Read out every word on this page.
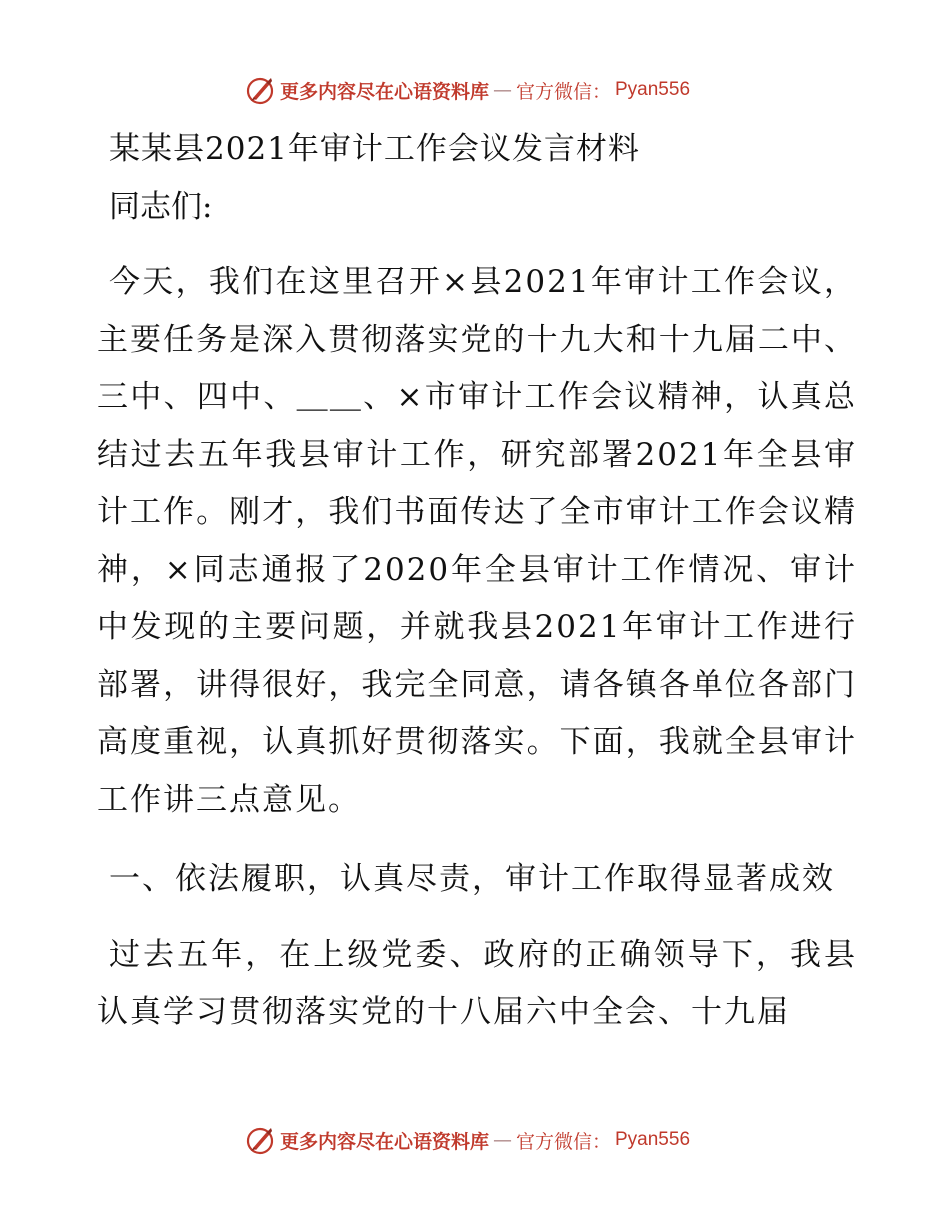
更多内容尽在心语资料库 — 官方微信： Pyan556
某某县2021年审计工作会议发言材料

同志们:

今天，我们在这里召开×县2021年审计工作会议，主要任务是深入贯彻落实党的十九大和十九届二中、三中、四中、＿＿、×市审计工作会议精神，认真总结过去五年我县审计工作，研究部署2021年全县审计工作。刚才，我们书面传达了全市审计工作会议精神，×同志通报了2020年全县审计工作情况、审计中发现的主要问题，并就我县2021年审计工作进行部署，讲得很好，我完全同意，请各镇各单位各部门高度重视，认真抓好贯彻落实。下面，我就全县审计工作讲三点意见。

一、依法履职，认真尽责，审计工作取得显著成效

过去五年，在上级党委、政府的正确领导下，我县认真学习贯彻落实党的十八届六中全会、十九届

更多内容尽在心语资料库 — 官方微信： Pyan556
